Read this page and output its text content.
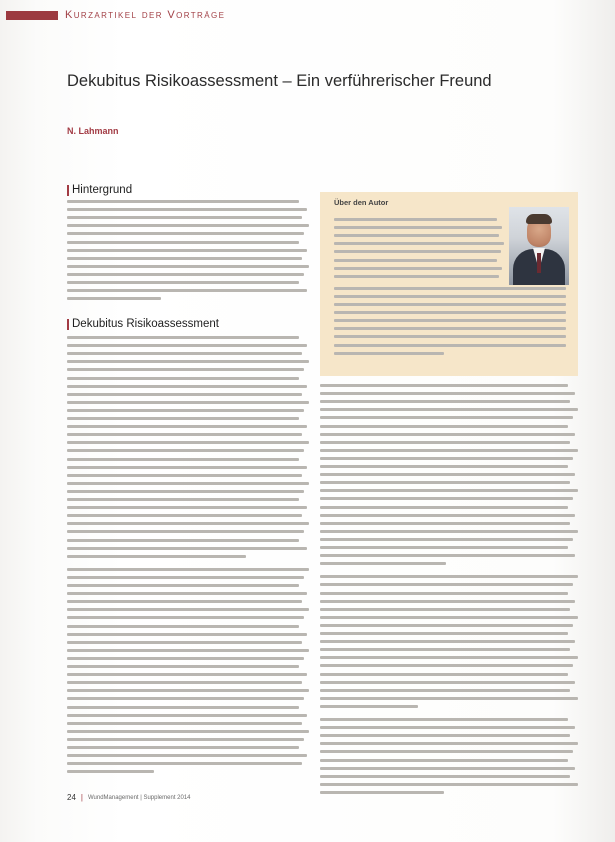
Kurzartikel der Vorträge
Dekubitus Risikoassessment – Ein verführerischer Freund
N. Lahmann
Hintergrund
Dekubitus Risikoassessment
Über den Autor
24 | WundManagement | Supplement 2014
